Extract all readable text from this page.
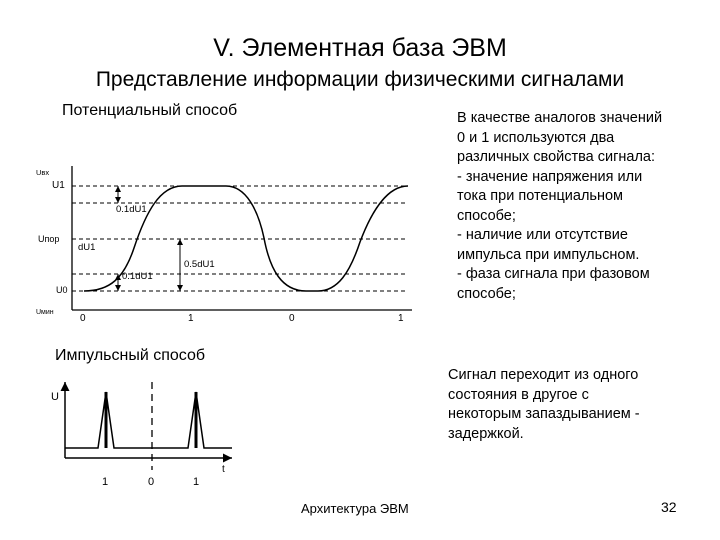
V. Элементная база ЭВМ
Представление информации физическими сигналами
Потенциальный способ	В качестве аналогов значений
0 и 1 используются два
различных свойства сигнала:
- значение напряжения или
тока при потенциальном
способе;
- наличие или отсутствие
импульса при импульсном.
- фаза сигнала при фазовом
способе;
Uвх
U1
Uпор
U0
Uмин
0.1dU1
dU1
0.5dU1
0.1dU1
0	1	0	1
U
t
1	0	1
Импульсный способ
Сигнал переходит из одного
состояния в другое с
некоторым запаздыванием -
задержкой.
Архитектура ЭВМ	32
